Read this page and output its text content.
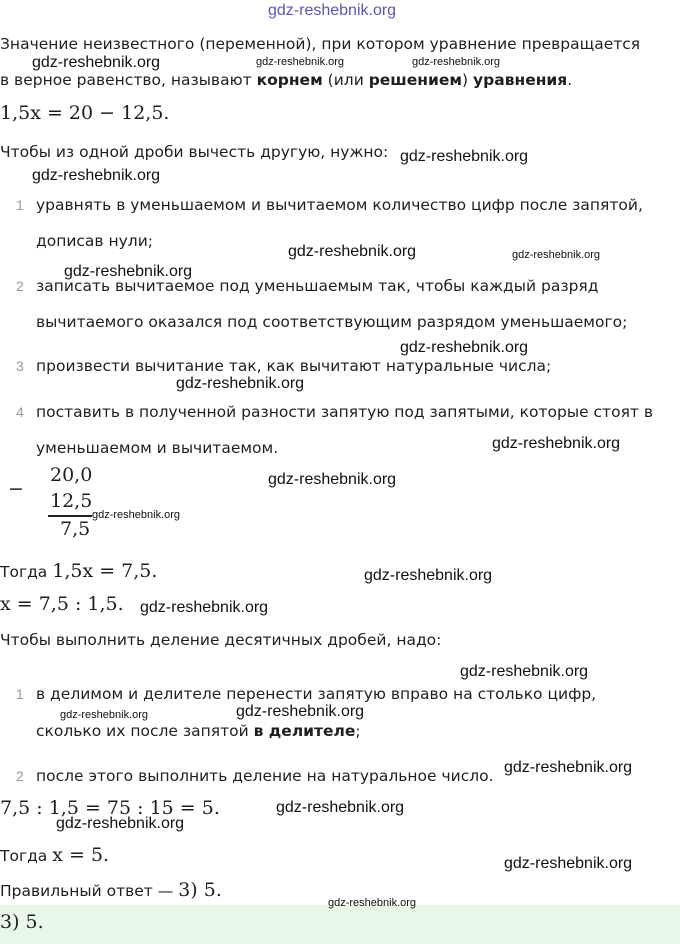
gdz-reshebnik.org
Значение неизвестного (переменной), при котором уравнение превращается
в верное равенство, называют корнем (или решением) уравнения.
1,5x = 20 − 12,5.
Чтобы из одной дроби вычесть другую, нужно:
1 уравнять в уменьшаемом и вычитаемом количество цифр после запятой,
дописав нули;
2 записать вычитаемое под уменьшаемым так, чтобы каждый разряд
вычитаемого оказался под соответствующим разрядом уменьшаемого;
3 произвести вычитание так, как вычитают натуральные числа;
4 поставить в полученной разности запятую под запятыми, которые стоят в
уменьшаемом и вычитаемом.
−
20,0
12,5
7,5
Тогда 1,5x = 7,5.
x = 7,5 : 1,5.
Чтобы выполнить деление десятичных дробей, надо:
1 в делимом и делителе перенести запятую вправо на столько цифр,
сколько их после запятой в делителе;
2 после этого выполнить деление на натуральное число.
7,5 : 1,5 = 75 : 15 = 5.
Тогда x = 5.
Правильный ответ — 3) 5.
3) 5.
gdz-reshebnik.org	gdz-reshebnik.org	gdz-reshebnik.org
gdz-reshebnik.org
gdz-reshebnik.org
gdz-reshebnik.org	gdz-reshebnik.org
gdz-reshebnik.org
gdz-reshebnik.org
gdz-reshebnik.org
gdz-reshebnik.org
gdz-reshebnik.org
gdz-reshebnik.org
gdz-reshebnik.org
gdz-reshebnik.org
gdz-reshebnik.org
gdz-reshebnik.org	gdz-reshebnik.org
gdz-reshebnik.org
gdz-reshebnik.org
gdz-reshebnik.org
gdz-reshebnik.org
gdz-reshebnik.org
